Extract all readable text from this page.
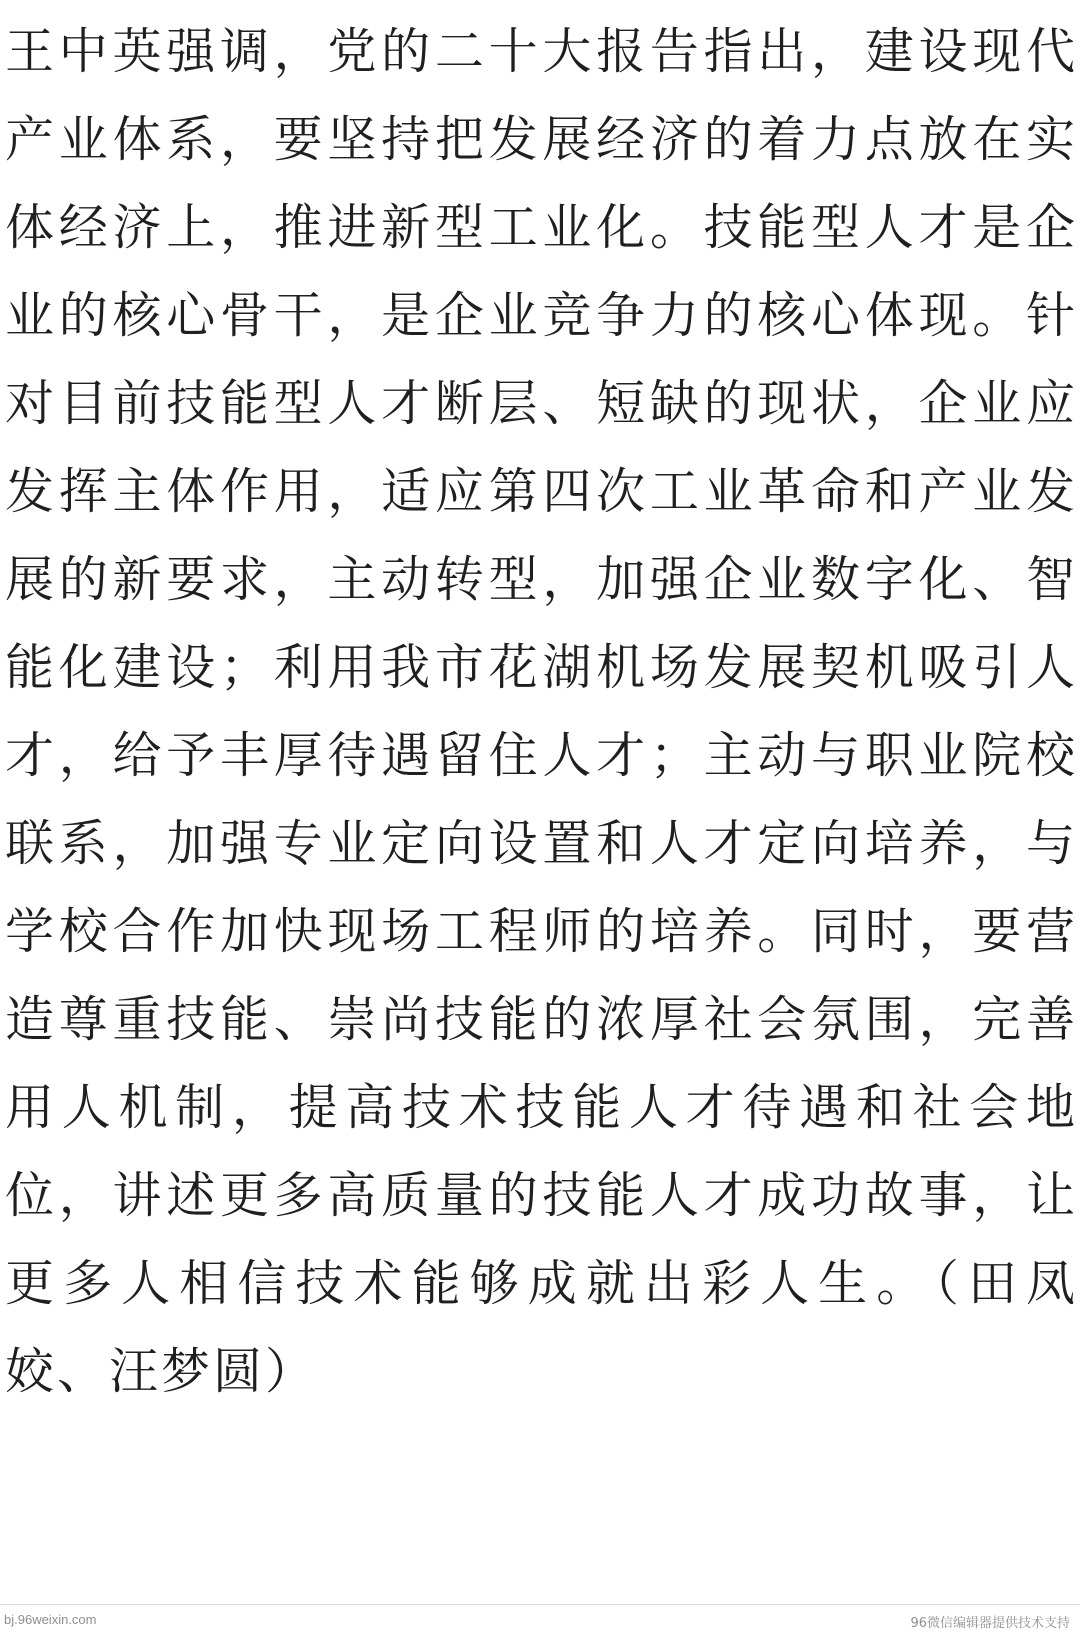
王中英强调，党的二十大报告指出，建设现代
产业体系，要坚持把发展经济的着力点放在实
体经济上，推进新型工业化。技能型人才是企
业的核心骨干，是企业竞争力的核心体现。针
对目前技能型人才断层、短缺的现状，企业应
发挥主体作用，适应第四次工业革命和产业发
展的新要求，主动转型，加强企业数字化、智
能化建设；利用我市花湖机场发展契机吸引人
才，给予丰厚待遇留住人才；主动与职业院校
联系，加强专业定向设置和人才定向培养，与
学校合作加快现场工程师的培养。同时，要营
造尊重技能、崇尚技能的浓厚社会氛围，完善
用人机制，提高技术技能人才待遇和社会地
位，讲述更多高质量的技能人才成功故事，让
更多人相信技术能够成就出彩人生。（田凤
姣、汪梦圆）
bj.96weixin.com	96微信编辑器提供技术支持
